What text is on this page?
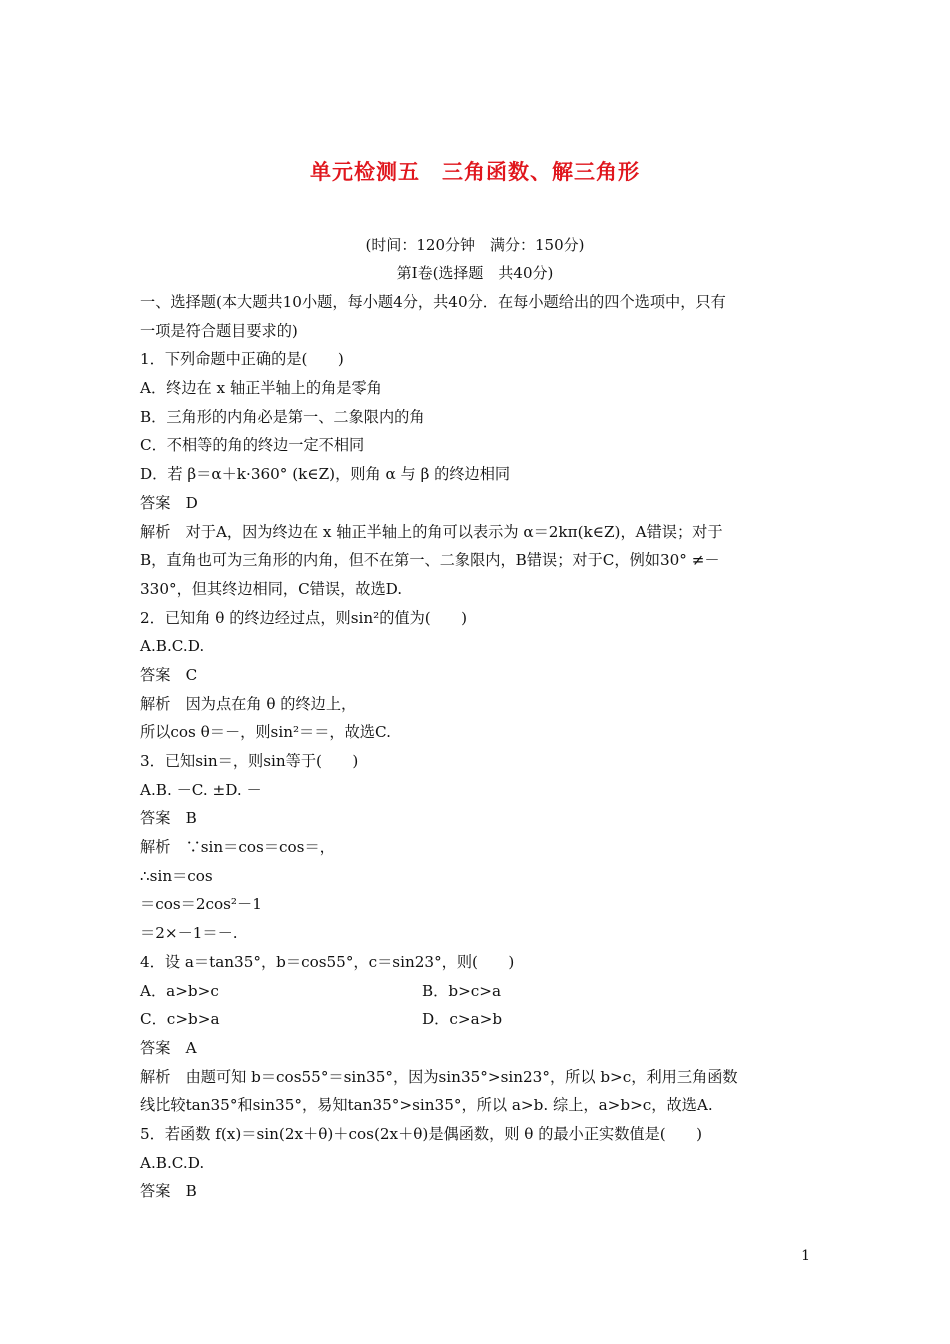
单元检测五　三角函数、解三角形
(时间：120分钟　满分：150分)
第Ⅰ卷(选择题　共40分)
一、选择题(本大题共10小题，每小题4分，共40分．在每小题给出的四个选项中，只有
一项是符合题目要求的)
1．下列命题中正确的是(　　)
A．终边在 x 轴正半轴上的角是零角
B．三角形的内角必是第一、二象限内的角
C．不相等的角的终边一定不相同
D．若 β＝α＋k·360° (k∈Z)，则角 α 与 β 的终边相同
答案　D
解析　对于A，因为终边在 x 轴正半轴上的角可以表示为 α＝2kπ(k∈Z)，A错误；对于
B，直角也可为三角形的内角，但不在第一、二象限内，B错误；对于C，例如30° ≠－
330°，但其终边相同，C错误，故选D.
2．已知角 θ 的终边经过点，则sin²的值为(　　)
A.B.C.D.
答案　C
解析　因为点在角 θ 的终边上，
所以cos θ＝－，则sin²＝＝，故选C.
3．已知sin＝，则sin等于(　　)
A.B. －C. ±D. －
答案　B
解析　∵sin＝cos＝cos＝，
∴sin＝cos
＝cos＝2cos²－1
＝2×－1＝－.
4．设 a＝tan35°，b＝cos55°，c＝sin23°，则(　　)
A．a>b>c	B．b>c>a
C．c>b>a	D．c>a>b
答案　A
解析　由题可知 b＝cos55°＝sin35°，因为sin35°>sin23°，所以 b>c，利用三角函数
线比较tan35°和sin35°，易知tan35°>sin35°，所以 a>b. 综上，a>b>c，故选A.
5．若函数 f(x)＝sin(2x＋θ)＋cos(2x＋θ)是偶函数，则 θ 的最小正实数值是(　　)
A.B.C.D.
答案　B
1
